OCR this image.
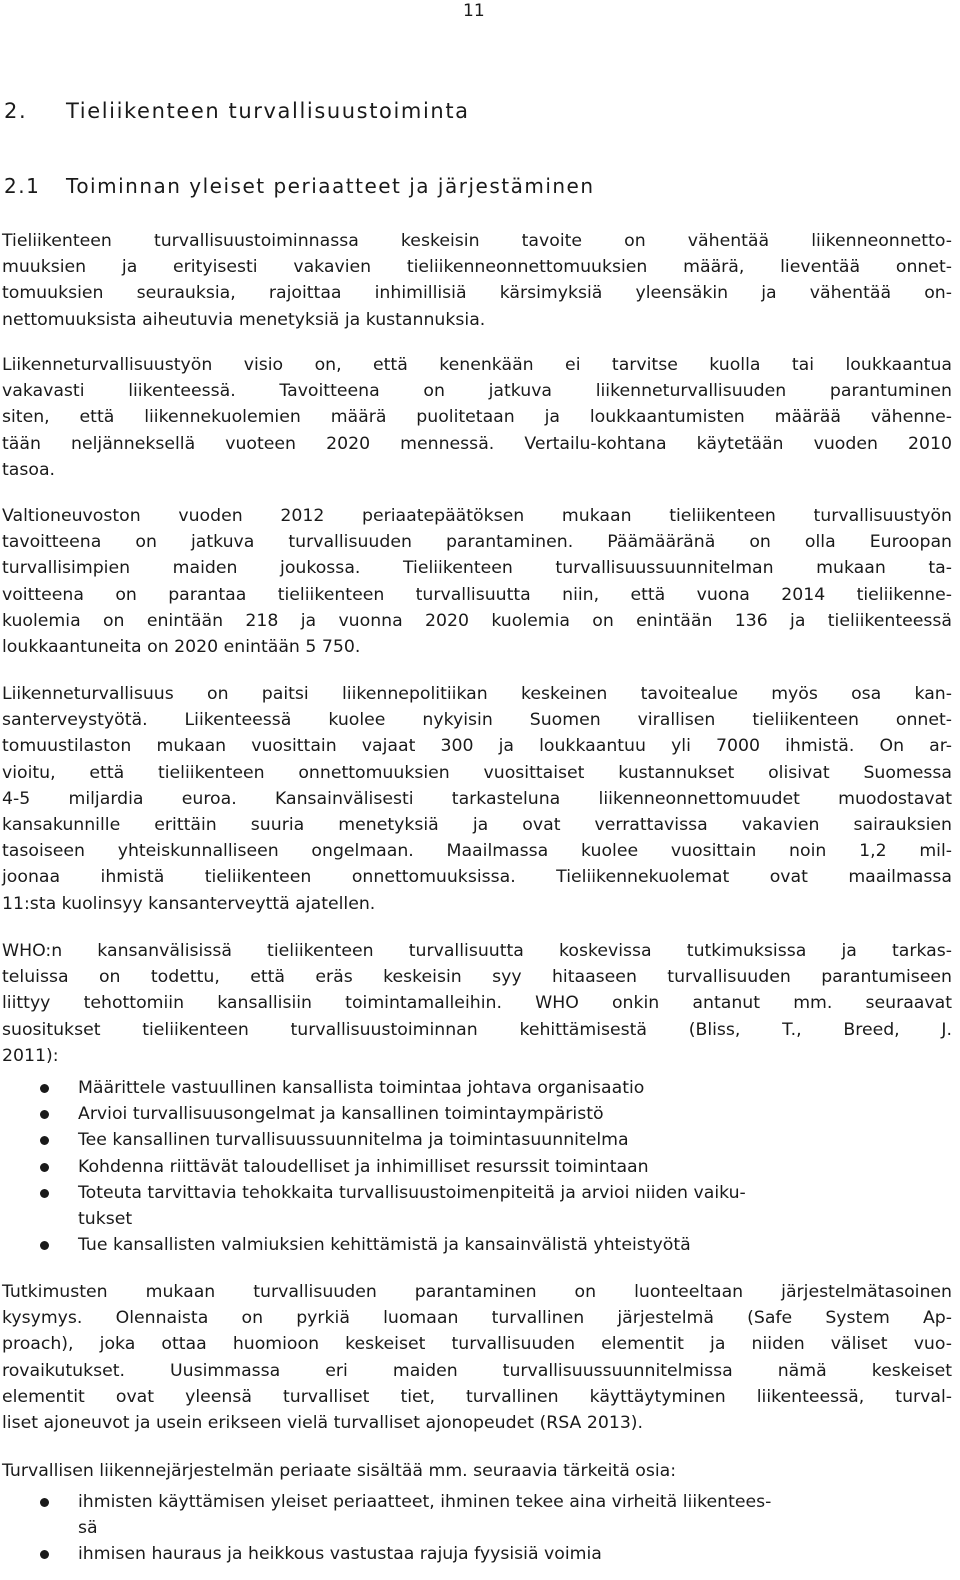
11
2. Tieliikenteen turvallisuustoiminta
2.1 Toiminnan yleiset periaatteet ja järjestäminen
Tieliikenteen turvallisuustoiminnassa keskeisin tavoite on vähentää liikenneonnetto-
muuksien ja erityisesti vakavien tieliikenneonnettomuuksien määrä, lieventää onnet-
tomuuksien seurauksia, rajoittaa inhimillisiä kärsimyksiä yleensäkin ja vähentää on-
nettomuuksista aiheutuvia menetyksiä ja kustannuksia.
Liikenneturvallisuustyön visio on, että kenenkään ei tarvitse kuolla tai loukkaantua
vakavasti liikenteessä. Tavoitteena on jatkuva liikenneturvallisuuden parantuminen
siten, että liikennekuolemien määrä puolitetaan ja loukkaantumisten määrää vähenne-
tään neljänneksellä vuoteen 2020 mennessä. Vertailu-kohtana käytetään vuoden 2010
tasoa.
Valtioneuvoston vuoden 2012 periaatepäätöksen mukaan tieliikenteen turvallisuustyön
tavoitteena on jatkuva turvallisuuden parantaminen. Päämääränä on olla Euroopan
turvallisimpien maiden joukossa. Tieliikenteen turvallisuussuunnitelman mukaan ta-
voitteena on parantaa tieliikenteen turvallisuutta niin, että vuona 2014 tieliikenne-
kuolemia on enintään 218 ja vuonna 2020 kuolemia on enintään 136 ja tieliikenteessä
loukkaantuneita on 2020 enintään 5 750.
Liikenneturvallisuus on paitsi liikennepolitiikan keskeinen tavoitealue myös osa kan-
santerveystyötä. Liikenteessä kuolee nykyisin Suomen virallisen tieliikenteen onnet-
tomuustilaston mukaan vuosittain vajaat 300 ja loukkaantuu yli 7000 ihmistä. On ar-
vioitu, että tieliikenteen onnettomuuksien vuosittaiset kustannukset olisivat Suomessa
4-5 miljardia euroa. Kansainvälisesti tarkasteluna liikenneonnettomuudet muodostavat
kansakunnille erittäin suuria menetyksiä ja ovat verrattavissa vakavien sairauksien
tasoiseen yhteiskunnalliseen ongelmaan. Maailmassa kuolee vuosittain noin 1,2 mil-
joonaa ihmistä tieliikenteen onnettomuuksissa. Tieliikennekuolemat ovat maailmassa
11:sta kuolinsyy kansanterveyttä ajatellen.
WHO:n kansanvälisissä tieliikenteen turvallisuutta koskevissa tutkimuksissa ja tarkas-
teluissa on todettu, että eräs keskeisin syy hitaaseen turvallisuuden parantumiseen
liittyy tehottomiin kansallisiin toimintamalleihin. WHO onkin antanut mm. seuraavat
suositukset tieliikenteen turvallisuustoiminnan kehittämisestä (Bliss, T., Breed, J.
2011):
Määrittele vastuullinen kansallista toimintaa johtava organisaatio
Arvioi turvallisuusongelmat ja kansallinen toimintaympäristö
Tee kansallinen turvallisuussuunnitelma ja toimintasuunnitelma
Kohdenna riittävät taloudelliset ja inhimilliset resurssit toimintaan
Toteuta tarvittavia tehokkaita turvallisuustoimenpiteitä ja arvioi niiden vaiku-
tukset
Tue kansallisten valmiuksien kehittämistä ja kansainvälistä yhteistyötä
Tutkimusten mukaan turvallisuuden parantaminen on luonteeltaan järjestelmätasoinen
kysymys. Olennaista on pyrkiä luomaan turvallinen järjestelmä (Safe System Ap-
proach), joka ottaa huomioon keskeiset turvallisuuden elementit ja niiden väliset vuo-
rovaikutukset. Uusimmassa eri maiden turvallisuussuunnitelmissa nämä keskeiset
elementit ovat yleensä turvalliset tiet, turvallinen käyttäytyminen liikenteessä, turval-
liset ajoneuvot ja usein erikseen vielä turvalliset ajonopeudet (RSA 2013).
Turvallisen liikennejärjestelmän periaate sisältää mm. seuraavia tärkeitä osia:
ihmisten käyttämisen yleiset periaatteet, ihminen tekee aina virheitä liikentees-
sä
ihmisen hauraus ja heikkous vastustaa rajuja fyysisiä voimia
